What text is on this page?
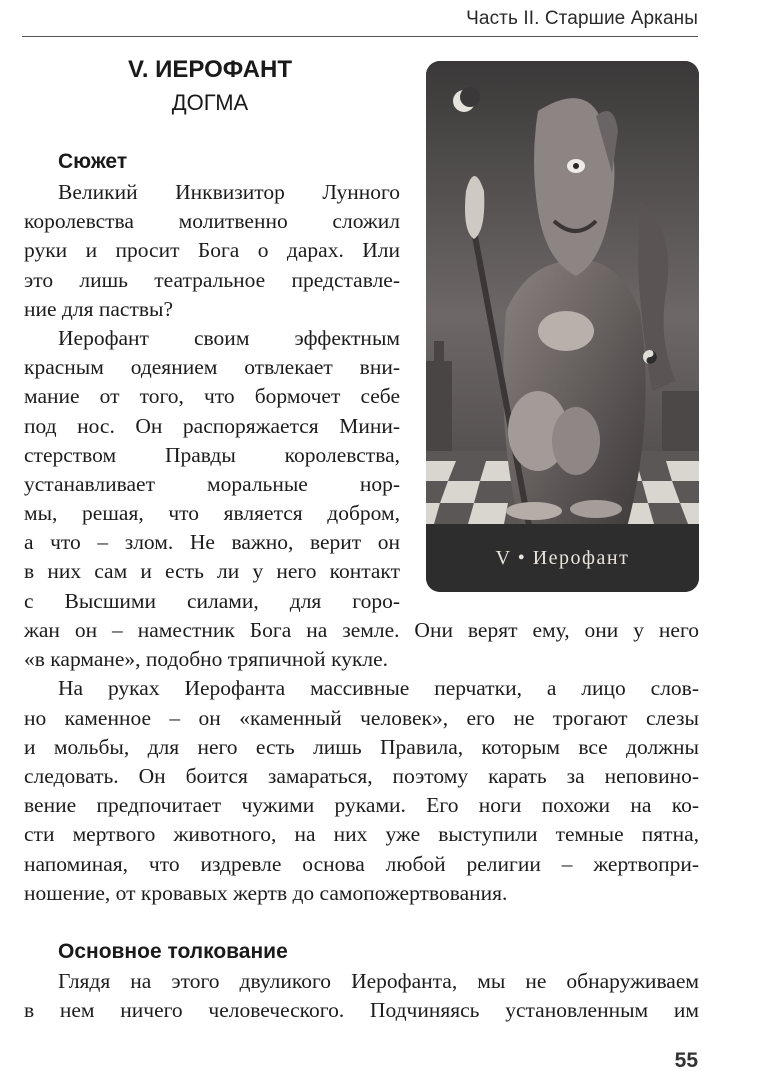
Часть II. Старшие Арканы
V. ИЕРОФАНТ
ДОГМА
V • Иерофант
Сюжет
Великий Инквизитор Лунного
королевства молитвенно сложил
руки и просит Бога о дарах. Или
это лишь театральное представле-
ние для паствы?
Иерофант своим эффектным
красным одеянием отвлекает вни-
мание от того, что бормочет себе
под нос. Он распоряжается Мини-
стерством Правды королевства,
устанавливает моральные нор-
мы, решая, что является добром,
а что – злом. Не важно, верит он
в них сам и есть ли у него контакт
с Высшими силами, для горо-
жан он – наместник Бога на земле. Они верят ему, они у него
«в кармане», подобно тряпичной кукле.
На руках Иерофанта массивные перчатки, а лицо слов-
но каменное – он «каменный человек», его не трогают слезы
и мольбы, для него есть лишь Правила, которым все должны
следовать. Он боится замараться, поэтому карать за неповино-
вение предпочитает чужими руками. Его ноги похожи на ко-
сти мертвого животного, на них уже выступили темные пятна,
напоминая, что издревле основа любой религии – жертвопри-
ношение, от кровавых жертв до самопожертвования.
Основное толкование
Глядя на этого двуликого Иерофанта, мы не обнаруживаем
в нем ничего человеческого. Подчиняясь установленным им
55
